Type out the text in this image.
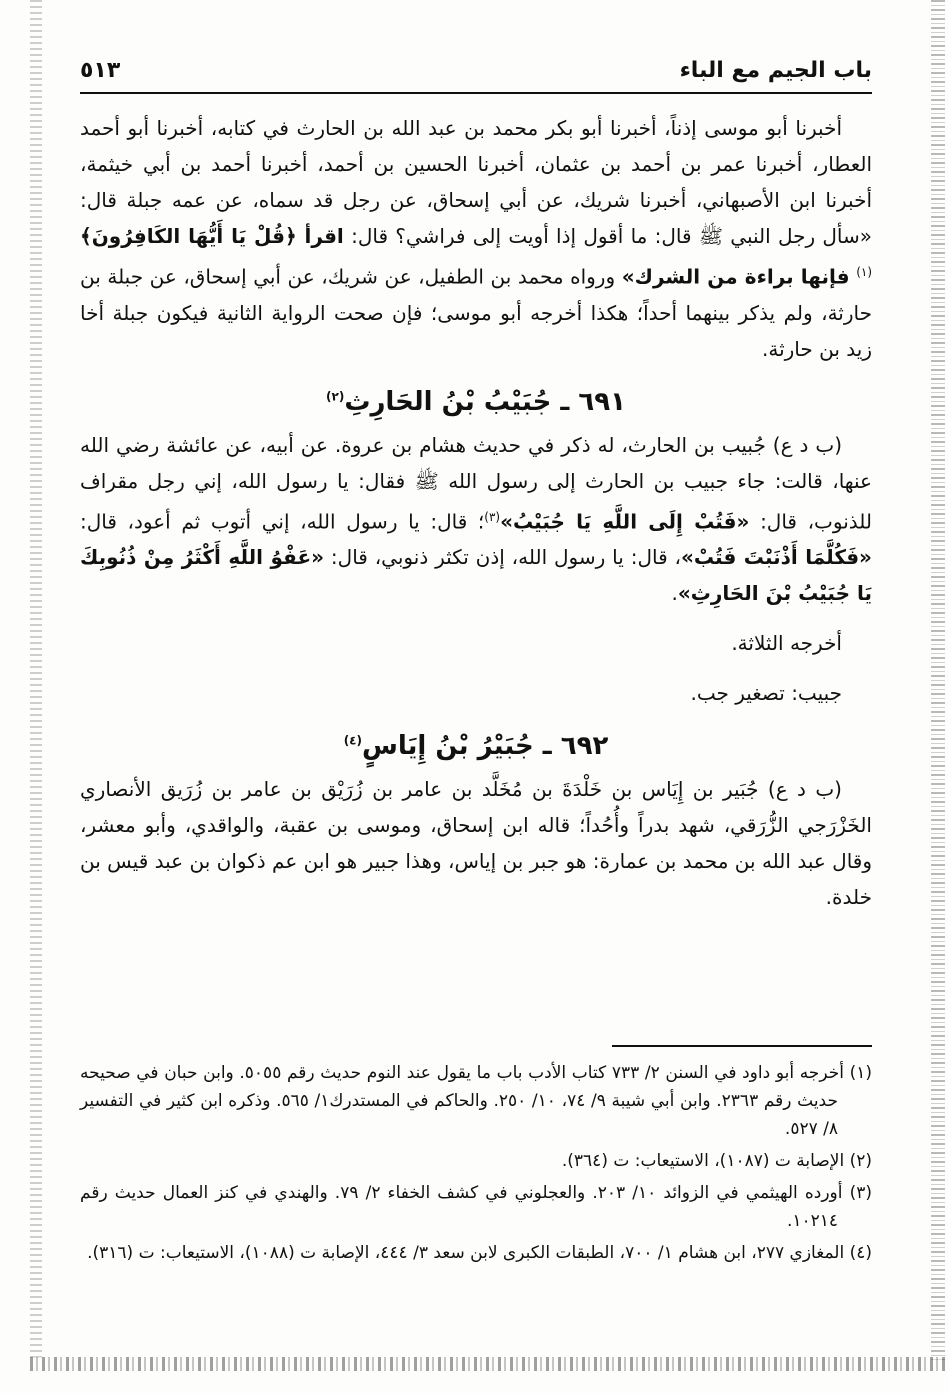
باب الجيم مع الباء
٥١٣

أخبرنا أبو موسى إذناً، أخبرنا أبو بكر محمد بن عبد الله بن الحارث في كتابه، أخبرنا أبو أحمد العطار، أخبرنا عمر بن أحمد بن عثمان، أخبرنا الحسين بن أحمد، أخبرنا أحمد بن أبي خيثمة، أخبرنا ابن الأصبهاني، أخبرنا شريك، عن أبي إسحاق، عن رجل قد سماه، عن عمه جبلة قال: «سأل رجل النبي ﷺ قال: ما أقول إذا أويت إلى فراشي؟ قال: اقرأ ﴿قُلْ يَا أَيُّهَا الكَافِرُونَ﴾$^{(١)}$ فإنها براءة من الشرك» ورواه محمد بن الطفيل، عن شريك، عن أبي إسحاق، عن جبلة بن حارثة، ولم يذكر بينهما أحداً؛ هكذا أخرجه أبو موسى؛ فإن صحت الرواية الثانية فيكون جبلة أخا زيد بن حارثة.

٦٩١ ـ جُبَيْبُ بْنُ الحَارِثِ$^{(٢)}$

(ب د ع) جُبيب بن الحارث، له ذكر في حديث هشام بن عروة. عن أبيه، عن عائشة رضي الله عنها، قالت: جاء جبيب بن الحارث إلى رسول الله ﷺ فقال: يا رسول الله، إني رجل مقراف للذنوب، قال: «فَتُبْ إِلَى اللَّهِ يَا جُبَيْبُ»$^{(٣)}$؛ قال: يا رسول الله، إني أتوب ثم أعود، قال: «فَكُلَّمَا أَذْنَبْتَ فَتُبْ»، قال: يا رسول الله، إذن تكثر ذنوبي، قال: «عَفْوُ اللَّهِ أَكْثَرُ مِنْ ذُنُوبِكَ يَا جُبَيْبُ بْنَ الحَارِثِ».

أخرجه الثلاثة.

جبيب: تصغير جب.

٦٩٢ ـ جُبَيْرُ بْنُ إِيَاسٍ$^{(٤)}$

(ب د ع) جُبَير بن إِيَاس بن خَلْدَةَ بن مُخَلَّد بن عامر بن زُرَيْق بن عامر بن زُرَيق الأنصاري الخَزْرَجي الزُّرَقي، شهد بدراً وأُحُداً؛ قاله ابن إسحاق، وموسى بن عقبة، والواقدي، وأبو معشر، وقال عبد الله بن محمد بن عمارة: هو جبر بن إياس، وهذا جبير هو ابن عم ذكوان بن عبد قيس بن خلدة.

(١) أخرجه أبو داود في السنن ٢/ ٧٣٣ كتاب الأدب باب ما يقول عند النوم حديث رقم ٥٠٥٥. وابن حبان في صحيحه حديث رقم ٢٣٦٣. وابن أبي شيبة ٩/ ٧٤، ١٠/ ٢٥٠. والحاكم في المستدرك١/ ٥٦٥. وذكره ابن كثير في التفسير ٨/ ٥٢٧.

(٢) الإصابة ت (١٠٨٧)، الاستيعاب: ت (٣٦٤).

(٣) أورده الهيثمي في الزوائد ١٠/ ٢٠٣. والعجلوني في كشف الخفاء ٢/ ٧٩. والهندي في كنز العمال حديث رقم ١٠٢١٤.

(٤) المغازي ٢٧٧، ابن هشام ١/ ٧٠٠، الطبقات الكبرى لابن سعد ٣/ ٤٤٤، الإصابة ت (١٠٨٨)، الاستيعاب: ت (٣١٦).
